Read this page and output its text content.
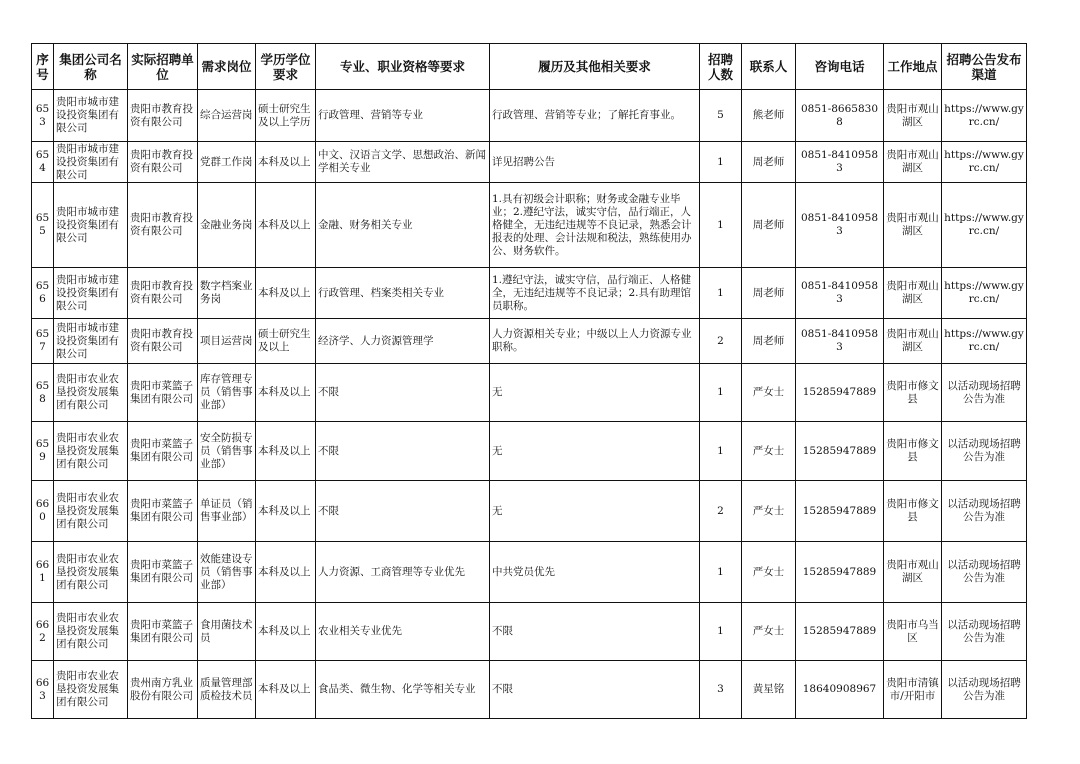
序号	集团公司名称	实际招聘单位	需求岗位	学历学位要求	专业、职业资格等要求	履历及其他相关要求	招聘人数	联系人	咨询电话	工作地点	招聘公告发布渠道

653	贵阳市城市建设投资集团有限公司	贵阳市教育投资有限公司	综合运营岗	硕士研究生及以上学历	行政管理、营销等专业	行政管理、营销等专业；了解托育事业。	5	熊老师	0851-86658308	贵阳市观山湖区	https://www.gyrc.cn/

654	贵阳市城市建设投资集团有限公司	贵阳市教育投资有限公司	党群工作岗	本科及以上	中文、汉语言文学、思想政治、新闻学相关专业	详见招聘公告	1	周老师	0851-84109583	贵阳市观山湖区	https://www.gyrc.cn/

655	贵阳市城市建设投资集团有限公司	贵阳市教育投资有限公司	金融业务岗	本科及以上	金融、财务相关专业	1.具有初级会计职称；财务或金融专业毕业；2.遵纪守法，诚实守信，品行端正，人格健全，无违纪违规等不良记录，熟悉会计报表的处理、会计法规和税法，熟练使用办公、财务软件。	1	周老师	0851-84109583	贵阳市观山湖区	https://www.gyrc.cn/

656	贵阳市城市建设投资集团有限公司	贵阳市教育投资有限公司	数字档案业务岗	本科及以上	行政管理、档案类相关专业	1.遵纪守法，诚实守信，品行端正、人格健全，无违纪违规等不良记录；2.具有助理馆员职称。	1	周老师	0851-84109583	贵阳市观山湖区	https://www.gyrc.cn/

657	贵阳市城市建设投资集团有限公司	贵阳市教育投资有限公司	项目运营岗	硕士研究生及以上	经济学、人力资源管理学	人力资源相关专业；中级以上人力资源专业职称。	2	周老师	0851-84109583	贵阳市观山湖区	https://www.gyrc.cn/

658	贵阳市农业农垦投资发展集团有限公司	贵阳市菜篮子集团有限公司	库存管理专员（销售事业部）	本科及以上	不限	无	1	严女士	15285947889	贵阳市修文县	以活动现场招聘公告为准

659	贵阳市农业农垦投资发展集团有限公司	贵阳市菜篮子集团有限公司	安全防损专员（销售事业部）	本科及以上	不限	无	1	严女士	15285947889	贵阳市修文县	以活动现场招聘公告为准

660	贵阳市农业农垦投资发展集团有限公司	贵阳市菜篮子集团有限公司	单证员（销售事业部）	本科及以上	不限	无	2	严女士	15285947889	贵阳市修文县	以活动现场招聘公告为准

661	贵阳市农业农垦投资发展集团有限公司	贵阳市菜篮子集团有限公司	效能建设专员（销售事业部）	本科及以上	人力资源、工商管理等专业优先	中共党员优先	1	严女士	15285947889	贵阳市观山湖区	以活动现场招聘公告为准

662	贵阳市农业农垦投资发展集团有限公司	贵阳市菜篮子集团有限公司	食用菌技术员	本科及以上	农业相关专业优先	不限	1	严女士	15285947889	贵阳市乌当区	以活动现场招聘公告为准

663	贵阳市农业农垦投资发展集团有限公司	贵州南方乳业股份有限公司	质量管理部质检技术员	本科及以上	食品类、微生物、化学等相关专业	不限	3	黄星铭	18640908967	贵阳市清镇市/开阳市	以活动现场招聘公告为准
